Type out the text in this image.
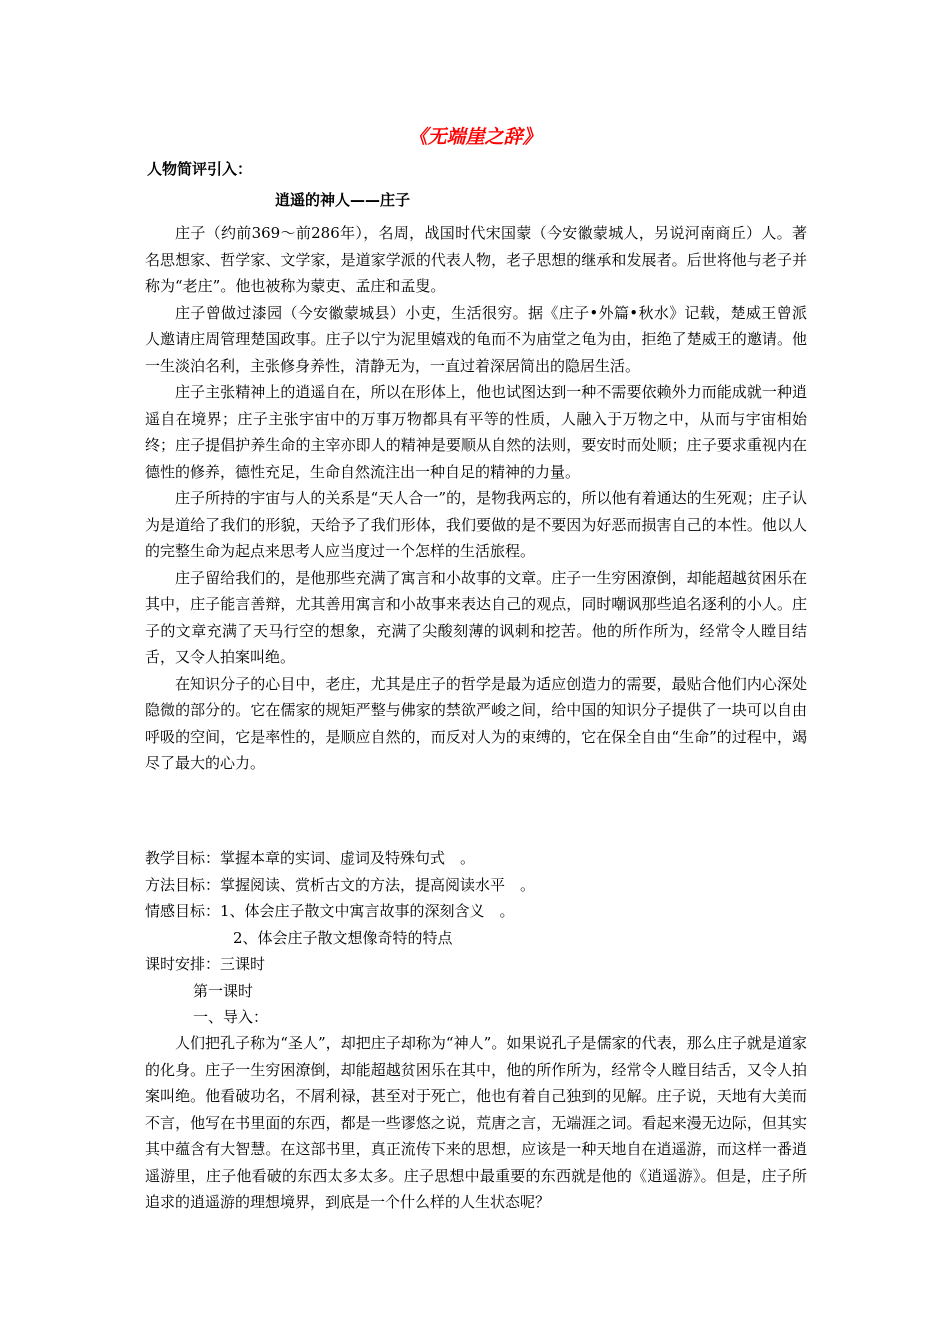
《无端崖之辞》
人物简评引入：
逍遥的神人——庄子

庄子（约前369～前286年），名周，战国时代宋国蒙（今安徽蒙城人，另说河南商丘）人。著名思想家、哲学家、文学家，是道家学派的代表人物，老子思想的继承和发展者。后世将他与老子并称为“老庄”。他也被称为蒙吏、孟庄和孟叟。

庄子曾做过漆园（今安徽蒙城县）小吏，生活很穷。据《庄子•外篇•秋水》记载，楚威王曾派人邀请庄周管理楚国政事。庄子以宁为泥里嬉戏的龟而不为庙堂之龟为由，拒绝了楚威王的邀请。他一生淡泊名利，主张修身养性，清静无为，一直过着深居简出的隐居生活。

庄子主张精神上的逍遥自在，所以在形体上，他也试图达到一种不需要依赖外力而能成就一种逍遥自在境界；庄子主张宇宙中的万事万物都具有平等的性质，人融入于万物之中，从而与宇宙相始终；庄子提倡护养生命的主宰亦即人的精神是要顺从自然的法则，要安时而处顺；庄子要求重视内在德性的修养，德性充足，生命自然流注出一种自足的精神的力量。

庄子所持的宇宙与人的关系是“天人合一”的，是物我两忘的，所以他有着通达的生死观；庄子认为是道给了我们的形貌，天给予了我们形体，我们要做的是不要因为好恶而损害自己的本性。他以人的完整生命为起点来思考人应当度过一个怎样的生活旅程。

庄子留给我们的，是他那些充满了寓言和小故事的文章。庄子一生穷困潦倒，却能超越贫困乐在其中，庄子能言善辩，尤其善用寓言和小故事来表达自己的观点，同时嘲讽那些追名逐利的小人。庄子的文章充满了天马行空的想象，充满了尖酸刻薄的讽刺和挖苦。他的所作所为，经常令人瞠目结舌，又令人拍案叫绝。

在知识分子的心目中，老庄，尤其是庄子的哲学是最为适应创造力的需要，最贴合他们内心深处隐微的部分的。它在儒家的规矩严整与佛家的禁欲严峻之间，给中国的知识分子提供了一块可以自由呼吸的空间，它是率性的，是顺应自然的，而反对人为的束缚的，它在保全自由“生命”的过程中，竭尽了最大的心力。

教学目标：掌握本章的实词、虚词及特殊句式　。
方法目标：掌握阅读、赏析古文的方法，提高阅读水平　。
情感目标：1、体会庄子散文中寓言故事的深刻含义　。
2、体会庄子散文想像奇特的特点
课时安排：三课时
第一课时
一、导入：

人们把孔子称为“圣人”，却把庄子却称为“神人”。如果说孔子是儒家的代表，那么庄子就是道家的化身。庄子一生穷困潦倒，却能超越贫困乐在其中，他的所作所为，经常令人瞠目结舌，又令人拍案叫绝。他看破功名，不屑利禄，甚至对于死亡，他也有着自己独到的见解。庄子说，天地有大美而不言，他写在书里面的东西，都是一些谬悠之说，荒唐之言，无端涯之词。看起来漫无边际，但其实其中蕴含有大智慧。在这部书里，真正流传下来的思想，应该是一种天地自在逍遥游，而这样一番逍遥游里，庄子他看破的东西太多太多。庄子思想中最重要的东西就是他的《逍遥游》。但是，庄子所追求的逍遥游的理想境界，到底是一个什么样的人生状态呢？
